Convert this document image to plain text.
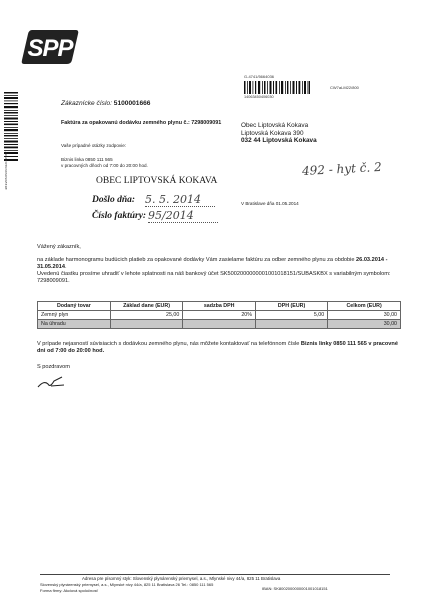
SPP
181905050041010687
G-4741/5664036
14063450406030
CW7aLM22/800
Zákaznícke číslo: 5100001666
Faktúra za opakovanú dodávku zemného plynu č.: 7298009091
Vaše prípadné otázky zodpovie:
Biznis linka 0850 111 565
v pracovných dňoch od 7:00 do 20:00 hod.
Obec Liptovská Kokava
Liptovská Kokava 390
032 44 Liptovská Kokava
492 - hyt č. 2
OBEC LIPTOVSKÁ KOKAVA
Došlo dňa: 5. 5. 2014
Číslo faktúry: 95/2014
V Bratislave dňa 01.05.2014
Vážený zákazník,

na základe harmonogramu budúcich platieb za opakované dodávky Vám zasielame faktúru za odber zemného plynu za obdobie 26.03.2014 - 31.05.2014.

Uvedenú čiastku prosíme uhradiť v lehote splatnosti na náš bankový účet SK5002000000001001018151/SUBASKBX s variabilným symbolom: 7298009091.

Dodaný tovar	Základ dane (EUR)	sadzba DPH	DPH (EUR)	Celkom (EUR)
Zemný plyn	25,00	20%	5,00	30,00
Na úhradu				30,00
V prípade nejasností súvisiacich s dodávkou zemného plynu, nás môžete kontaktovať na telefónnom čísle Biznis linky 0850 111 565 v pracovné dni od 7:00 do 20:00 hod.
S pozdravom
Adresa pre písomný styk: Slovenský plynárenský priemysel, a.s., Mlynské nivy 44/a, 825 11 Bratislava
Slovenský plynárenský priemysel, a.s., Mlynské nivy 44/a, 825 11 Bratislava 26 Tel.: 0850 111 565
Forma firmy: Akciová spoločnosť	IBAN: SK8002000000001001018151
